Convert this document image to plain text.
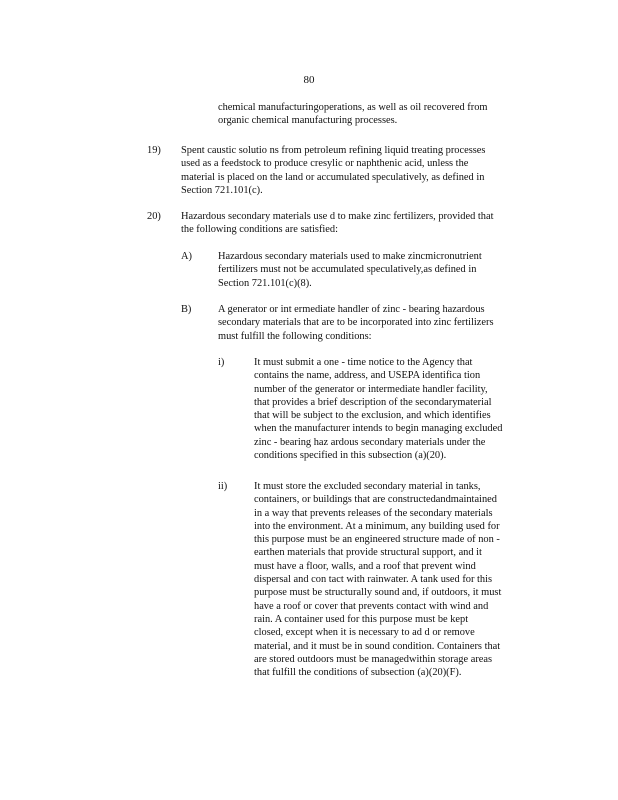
80
chemical manufacturingoperations, as well as oil recovered from
organic chemical manufacturing processes.
19) Spent caustic solutio ns from petroleum refining liquid treating processes
used as a feedstock to produce cresylic or naphthenic acid, unless the
material is placed on the land or accumulated speculatively, as defined in
Section 721.101(c).
20) Hazardous secondary materials use d to make zinc fertilizers, provided that
the following conditions are satisfied:
A)	Hazardous secondary materials used to make zincmicronutrient
fertilizers must not be accumulated speculatively,as defined in
Section 721.101(c)(8).
B)	A generator or int ermediate handler of zinc - bearing hazardous
secondary materials that are to be incorporated into zinc fertilizers
must fulfill the following conditions:
i)	It must submit a one - time notice to the Agency that
contains the name, address, and USEPA identifica tion
number of the generator or intermediate handler facility,
that provides a brief description of the secondarymaterial
that will be subject to the exclusion, and which identifies
when the manufacturer intends to begin managing excluded
zinc - bearing haz ardous secondary materials under the
conditions specified in this subsection (a)(20).
ii)	It must store the excluded secondary material in tanks,
containers, or buildings that are constructedandmaintained
in a way that prevents releases of the secondary materials
into the environment. At a minimum, any building used for
this purpose must be an engineered structure made of non -
earthen materials that provide structural support, and it
must have a floor, walls, and a roof that prevent wind
dispersal and con tact with rainwater. A tank used for this
purpose must be structurally sound and, if outdoors, it must
have a roof or cover that prevents contact with wind and
rain. A container used for this purpose must be kept
closed, except when it is necessary to ad d or remove
material, and it must be in sound condition. Containers that
are stored outdoors must be managedwithin storage areas
that fulfill the conditions of subsection (a)(20)(F).
